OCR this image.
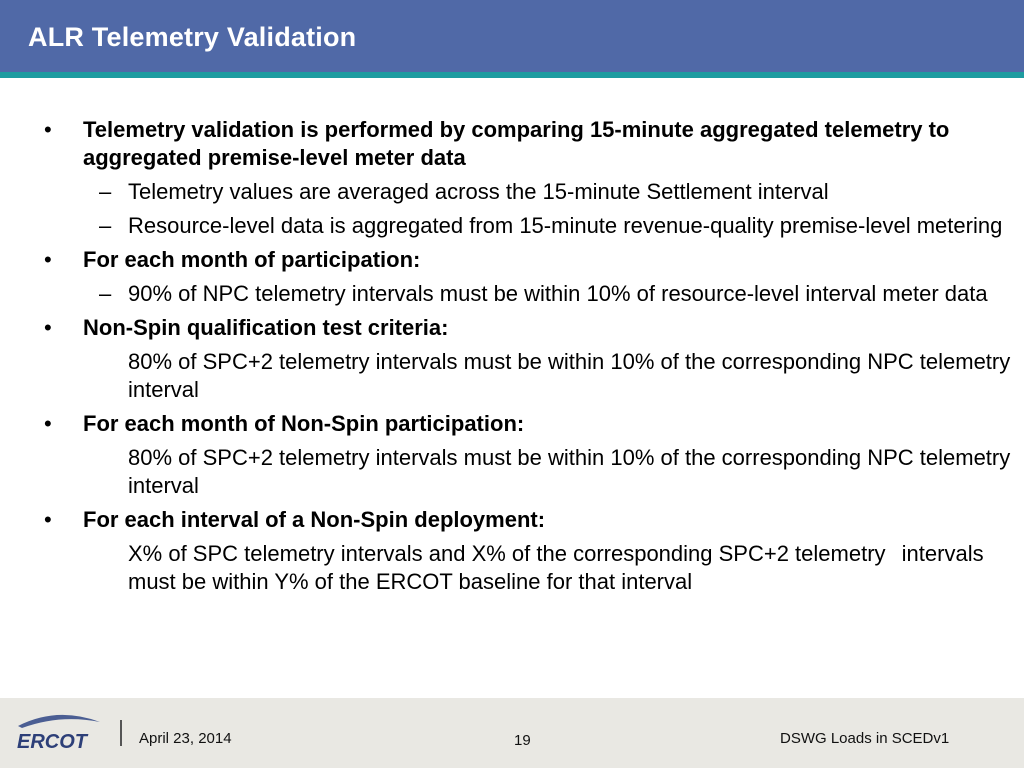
ALR Telemetry Validation
• Telemetry validation is performed by comparing 15-minute aggregated telemetry to aggregated premise-level meter data
– Telemetry values are averaged across the 15-minute Settlement interval
– Resource-level data is aggregated from 15-minute revenue-quality premise-level metering
• For each month of participation:
– 90% of NPC telemetry intervals must be within 10% of resource-level interval meter data
• Non-Spin qualification test criteria:
80% of SPC+2 telemetry intervals must be within 10% of the corresponding NPC telemetry interval
• For each month of Non-Spin participation:
80% of SPC+2 telemetry intervals must be within 10% of the corresponding NPC telemetry interval
• For each interval of a Non-Spin deployment:
X% of SPC telemetry intervals and X% of the corresponding SPC+2 telemetry intervals must be within Y% of the ERCOT baseline for that interval
ERCOT	April 23, 2014	19	DSWG Loads in SCEDv1
